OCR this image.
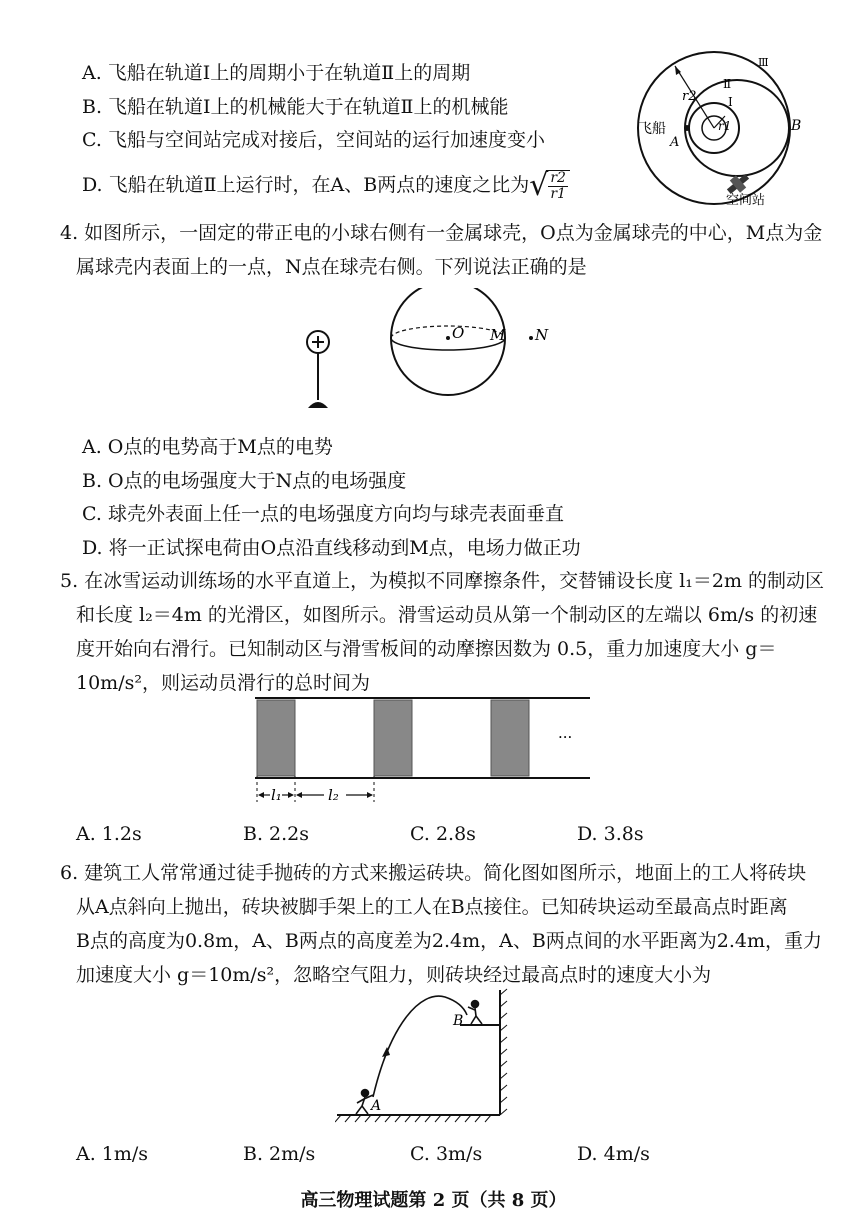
A. 飞船在轨道Ⅰ上的周期小于在轨道Ⅱ上的周期
B. 飞船在轨道Ⅰ上的机械能大于在轨道Ⅱ上的机械能
C. 飞船与空间站完成对接后，空间站的运行加速度变小
D. 飞船在轨道Ⅱ上运行时，在A、B两点的速度之比为√ $\frac{r2}{r1}$
r2
r1
Ⅱ
Ⅰ
Ⅲ
飞船
A
B
空间站
4. 如图所示，一固定的带正电的小球右侧有一金属球壳，O点为金属球壳的中心，M点为金
属球壳内表面上的一点，N点在球壳右侧。下列说法正确的是
O M N
A. O点的电势高于M点的电势
B. O点的电场强度大于N点的电场强度
C. 球壳外表面上任一点的电场强度方向均与球壳表面垂直
D. 将一正试探电荷由O点沿直线移动到M点，电场力做正功
5. 在冰雪运动训练场的水平直道上，为模拟不同摩擦条件，交替铺设长度 l₁＝2m 的制动区
和长度 l₂＝4m 的光滑区，如图所示。滑雪运动员从第一个制动区的左端以 6m/s 的初速
度开始向右滑行。已知制动区与滑雪板间的动摩擦因数为 0.5，重力加速度大小 g＝
10m/s²，则运动员滑行的总时间为
l₁	l₂
···
A. 1.2s	B. 2.2s	C. 2.8s	D. 3.8s
6. 建筑工人常常通过徒手抛砖的方式来搬运砖块。简化图如图所示，地面上的工人将砖块
从A点斜向上抛出，砖块被脚手架上的工人在B点接住。已知砖块运动至最高点时距离
B点的高度为0.8m，A、B两点的高度差为2.4m，A、B两点间的水平距离为2.4m，重力
加速度大小 g＝10m/s²，忽略空气阻力，则砖块经过最高点时的速度大小为
A
B
A. 1m/s	B. 2m/s	C. 3m/s	D. 4m/s
高三物理试题第 2 页（共 8 页）
